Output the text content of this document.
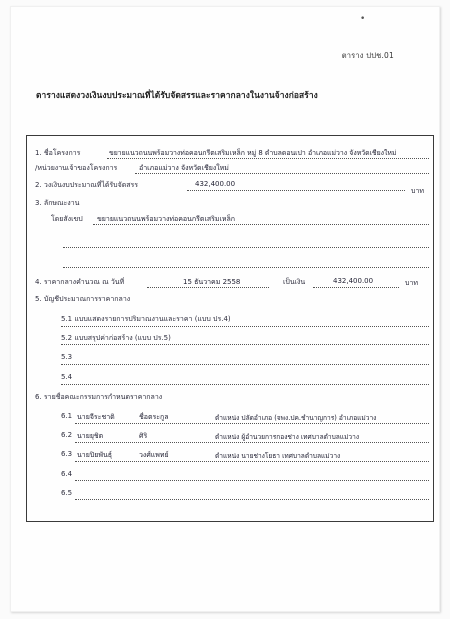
•
ตาราง ปปช.01
ตารางแสดงวงเงินงบประมาณที่ได้รับจัดสรรและราคากลางในงานจ้างก่อสร้าง
1. ชื่อโครงการ	ขยายแนวถนนพร้อมวางท่อคอนกรีตเสริมเหล็ก หมู่ 8 ตำบลดอนเปา อำเภอแม่วาง จังหวัดเชียงใหม่
/หน่วยงานเจ้าของโครงการ	อำเภอแม่วาง จังหวัดเชียงใหม่
2. วงเงินงบประมาณที่ได้รับจัดสรร	432,400.00
บาท
3. ลักษณะงาน
โดยสังเขป ขยายแนวถนนพร้อมวางท่อคอนกรีตเสริมเหล็ก
4. ราคากลางคำนวณ ณ วันที่	15 ธันวาคม 2558	เป็นเงิน	432,400.00	บาท
5. บัญชีประมาณการราคากลาง
5.1 แบบแสดงรายการปริมาณงานและราคา (แบบ ปร.4)
5.2 แบบสรุปค่าก่อสร้าง (แบบ ปร.5)
5.3
5.4
6. รายชื่อคณะกรรมการกำหนดราคากลาง
6.1 นายจีระชาติ	ชื่อตระกูล	ตำแหน่ง ปลัดอำเภอ (จพง.ปค.ชำนาญการ) อำเภอแม่วาง
6.2 นายยุชิต	ศิริ	ตำแหน่ง ผู้อำนวยการกองช่าง เทศบาลตำบลแม่วาง
6.3 นายปิยพันธุ์	วงศ์แพทย์	ตำแหน่ง นายช่างโยธา เทศบาลตำบลแม่วาง
6.4
6.5
